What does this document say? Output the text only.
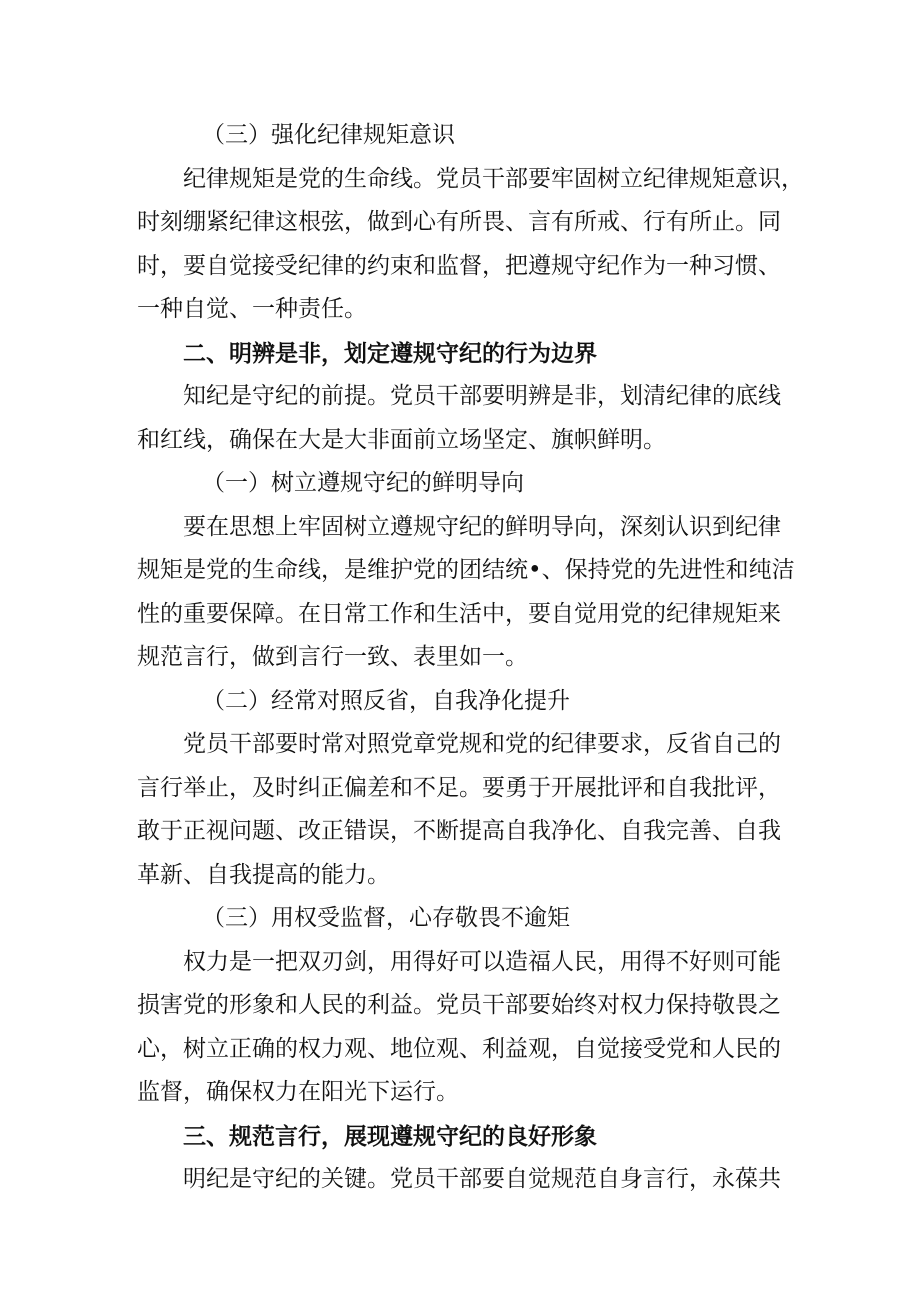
（三）强化纪律规矩意识

纪律规矩是党的生命线。党员干部要牢固树立纪律规矩意识，

时刻绷紧纪律这根弦，做到心有所畏、言有所戒、行有所止。同

时，要自觉接受纪律的约束和监督，把遵规守纪作为一种习惯、

一种自觉、一种责任。

二、明辨是非，划定遵规守纪的行为边界

知纪是守纪的前提。党员干部要明辨是非，划清纪律的底线

和红线，确保在大是大非面前立场坚定、旗帜鲜明。

（一）树立遵规守纪的鲜明导向

要在思想上牢固树立遵规守纪的鲜明导向，深刻认识到纪律

规矩是党的生命线，是维护党的团结统•、保持党的先进性和纯洁

性的重要保障。在日常工作和生活中，要自觉用党的纪律规矩来

规范言行，做到言行一致、表里如一。

（二）经常对照反省，自我净化提升

党员干部要时常对照党章党规和党的纪律要求，反省自己的

言行举止，及时纠正偏差和不足。要勇于开展批评和自我批评，

敢于正视问题、改正错误，不断提高自我净化、自我完善、自我

革新、自我提高的能力。

（三）用权受监督，心存敬畏不逾矩

权力是一把双刃剑，用得好可以造福人民，用得不好则可能

损害党的形象和人民的利益。党员干部要始终对权力保持敬畏之

心，树立正确的权力观、地位观、利益观，自觉接受党和人民的

监督，确保权力在阳光下运行。

三、规范言行，展现遵规守纪的良好形象

明纪是守纪的关键。党员干部要自觉规范自身言行，永葆共
